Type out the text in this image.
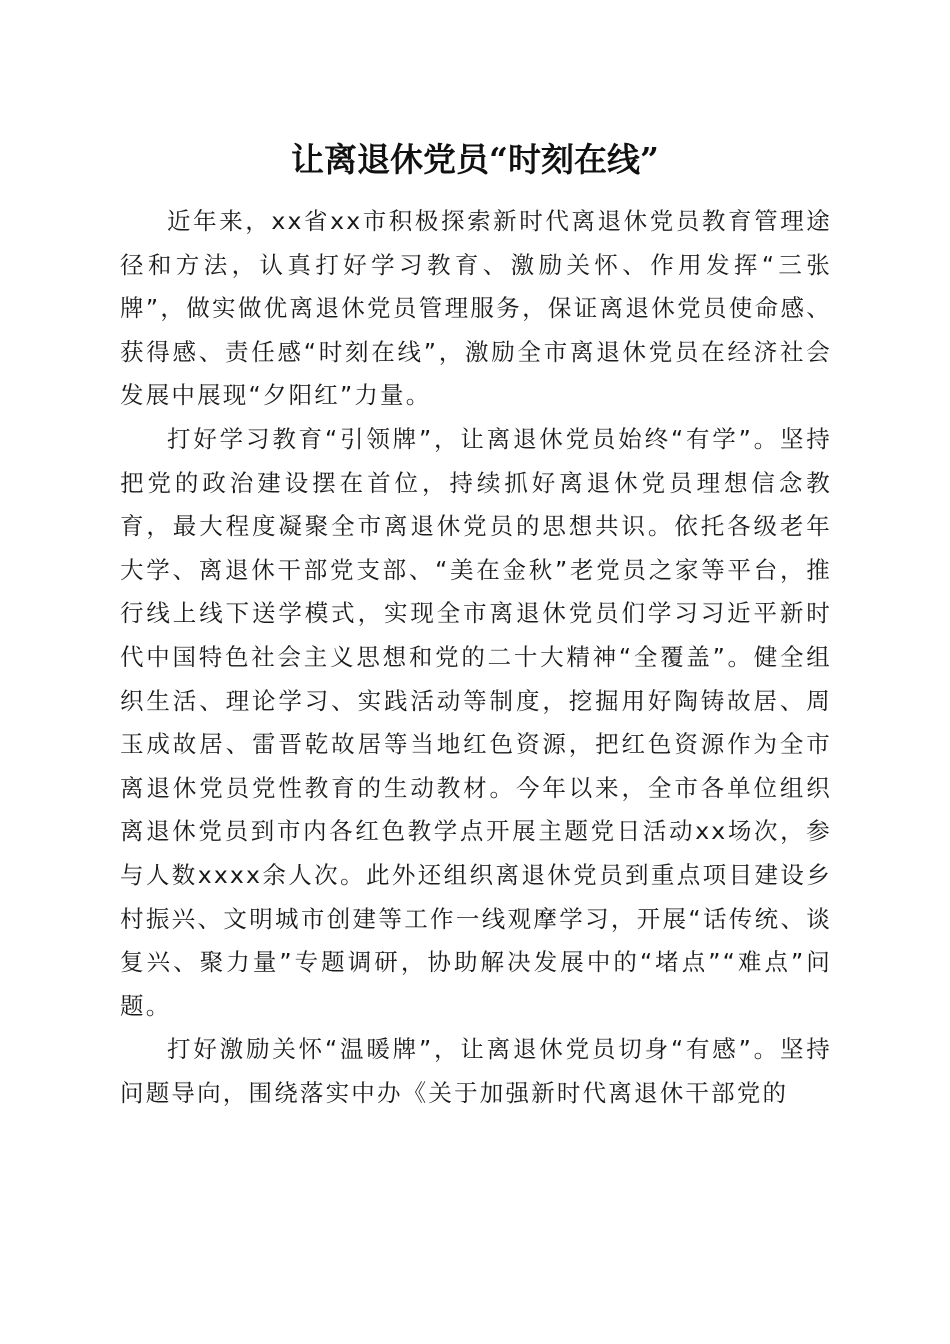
让离退休党员“时刻在线”

近年来，xx省xx市积极探索新时代离退休党员教育管理途径和方法，认真打好学习教育、激励关怀、作用发挥“三张牌”，做实做优离退休党员管理服务，保证离退休党员使命感、获得感、责任感“时刻在线”，激励全市离退休党员在经济社会发展中展现“夕阳红”力量。

打好学习教育“引领牌”，让离退休党员始终“有学”。坚持把党的政治建设摆在首位，持续抓好离退休党员理想信念教育，最大程度凝聚全市离退休党员的思想共识。依托各级老年大学、离退休干部党支部、“美在金秋”老党员之家等平台，推行线上线下送学模式，实现全市离退休党员们学习习近平新时代中国特色社会主义思想和党的二十大精神“全覆盖”。健全组织生活、理论学习、实践活动等制度，挖掘用好陶铸故居、周玉成故居、雷晋乾故居等当地红色资源，把红色资源作为全市离退休党员党性教育的生动教材。今年以来，全市各单位组织离退休党员到市内各红色教学点开展主题党日活动xx场次，参与人数xxxx余人次。此外还组织离退休党员到重点项目建设乡村振兴、文明城市创建等工作一线观摩学习，开展“话传统、谈复兴、聚力量”专题调研，协助解决发展中的“堵点”“难点”问题。

打好激励关怀“温暖牌”，让离退休党员切身“有感”。坚持问题导向，围绕落实中办《关于加强新时代离退休干部党的
